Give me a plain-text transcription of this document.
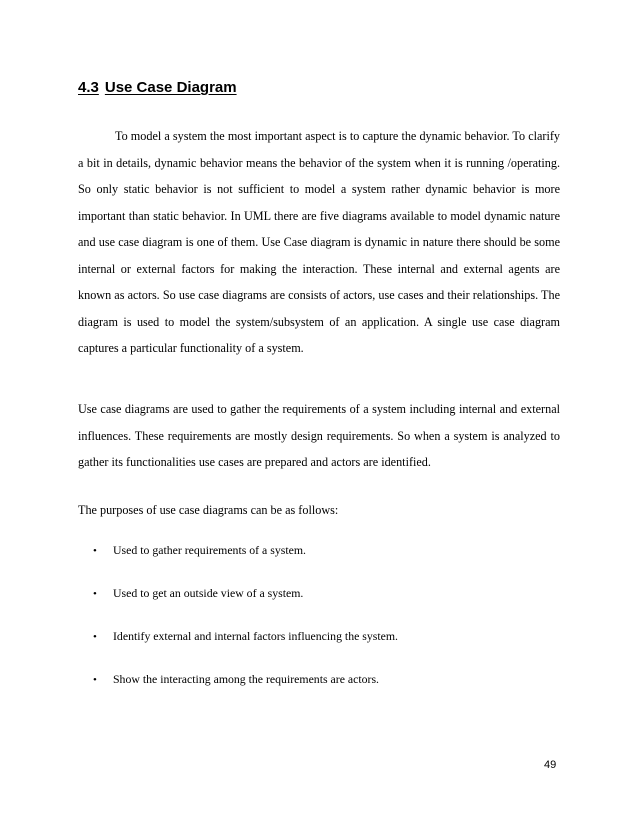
4.3 Use Case Diagram

To model a system the most important aspect is to capture the dynamic behavior. To clarify a bit in details, dynamic behavior means the behavior of the system when it is running /operating. So only static behavior is not sufficient to model a system rather dynamic behavior is more important than static behavior. In UML there are five diagrams available to model dynamic nature and use case diagram is one of them. Use Case diagram is dynamic in nature there should be some internal or external factors for making the interaction. These internal and external agents are known as actors. So use case diagrams are consists of actors, use cases and their relationships. The diagram is used to model the system/subsystem of an application. A single use case diagram captures a particular functionality of a system.

Use case diagrams are used to gather the requirements of a system including internal and external influences. These requirements are mostly design requirements. So when a system is analyzed to gather its functionalities use cases are prepared and actors are identified.

The purposes of use case diagrams can be as follows:

• Used to gather requirements of a system.
• Used to get an outside view of a system.
• Identify external and internal factors influencing the system.
• Show the interacting among the requirements are actors.
49
